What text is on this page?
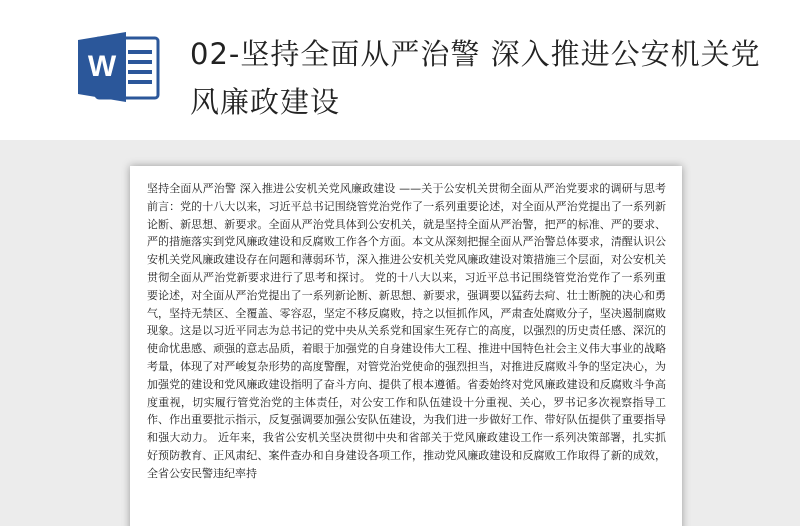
W	02-坚持全面从严治警 深入推进公安机关党风廉政建设
坚持全面从严治警 深入推进公安机关党风廉政建设 ——关于公安机关贯彻全面从严治党要求的调研与思考 前言：党的十八大以来，习近平总书记围绕管党治党作了一系列重要论述，对全面从严治党提出了一系列新论断、新思想、新要求。全面从严治党具体到公安机关，就是坚持全面从严治警，把严的标准、严的要求、严的措施落实到党风廉政建设和反腐败工作各个方面。本文从深刻把握全面从严治警总体要求，清醒认识公安机关党风廉政建设存在问题和薄弱环节，深入推进公安机关党风廉政建设对策措施三个层面，对公安机关贯彻全面从严治党新要求进行了思考和探讨。 党的十八大以来，习近平总书记围绕管党治党作了一系列重要论述，对全面从严治党提出了一系列新论断、新思想、新要求，强调要以猛药去疴、壮士断腕的决心和勇气，坚持无禁区、全覆盖、零容忍，坚定不移反腐败，持之以恒抓作风，严肃查处腐败分子，坚决遏制腐败现象。这是以习近平同志为总书记的党中央从关系党和国家生死存亡的高度，以强烈的历史责任感、深沉的使命忧患感、顽强的意志品质，着眼于加强党的自身建设伟大工程、推进中国特色社会主义伟大事业的战略考量，体现了对严峻复杂形势的高度警醒，对管党治党使命的强烈担当，对推进反腐败斗争的坚定决心，为加强党的建设和党风廉政建设指明了奋斗方向、提供了根本遵循。省委始终对党风廉政建设和反腐败斗争高度重视，切实履行管党治党的主体责任，对公安工作和队伍建设十分重视、关心，罗书记多次视察指导工作、作出重要批示指示，反复强调要加强公安队伍建设，为我们进一步做好工作、带好队伍提供了重要指导和强大动力。 近年来，我省公安机关坚决贯彻中央和省部关于党风廉政建设工作一系列决策部署，扎实抓好预防教育、正风肃纪、案件查办和自身建设各项工作，推动党风廉政建设和反腐败工作取得了新的成效，全省公安民警违纪率持
